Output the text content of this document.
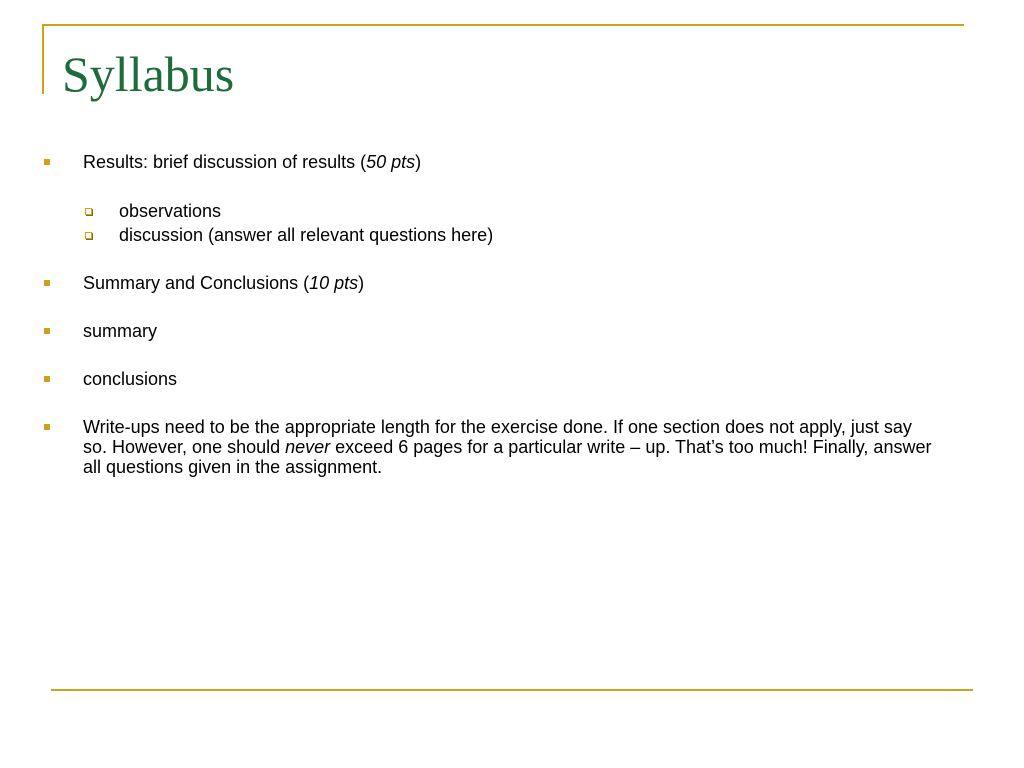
Syllabus
Results: brief discussion of results (50 pts)
observations
discussion (answer all relevant questions here)
Summary and Conclusions (10 pts)
summary
conclusions
Write-ups need to be the appropriate length for the exercise done. If one section does not apply, just say so. However, one should never exceed 6 pages for a particular write – up. That’s too much! Finally, answer all questions given in the assignment.
